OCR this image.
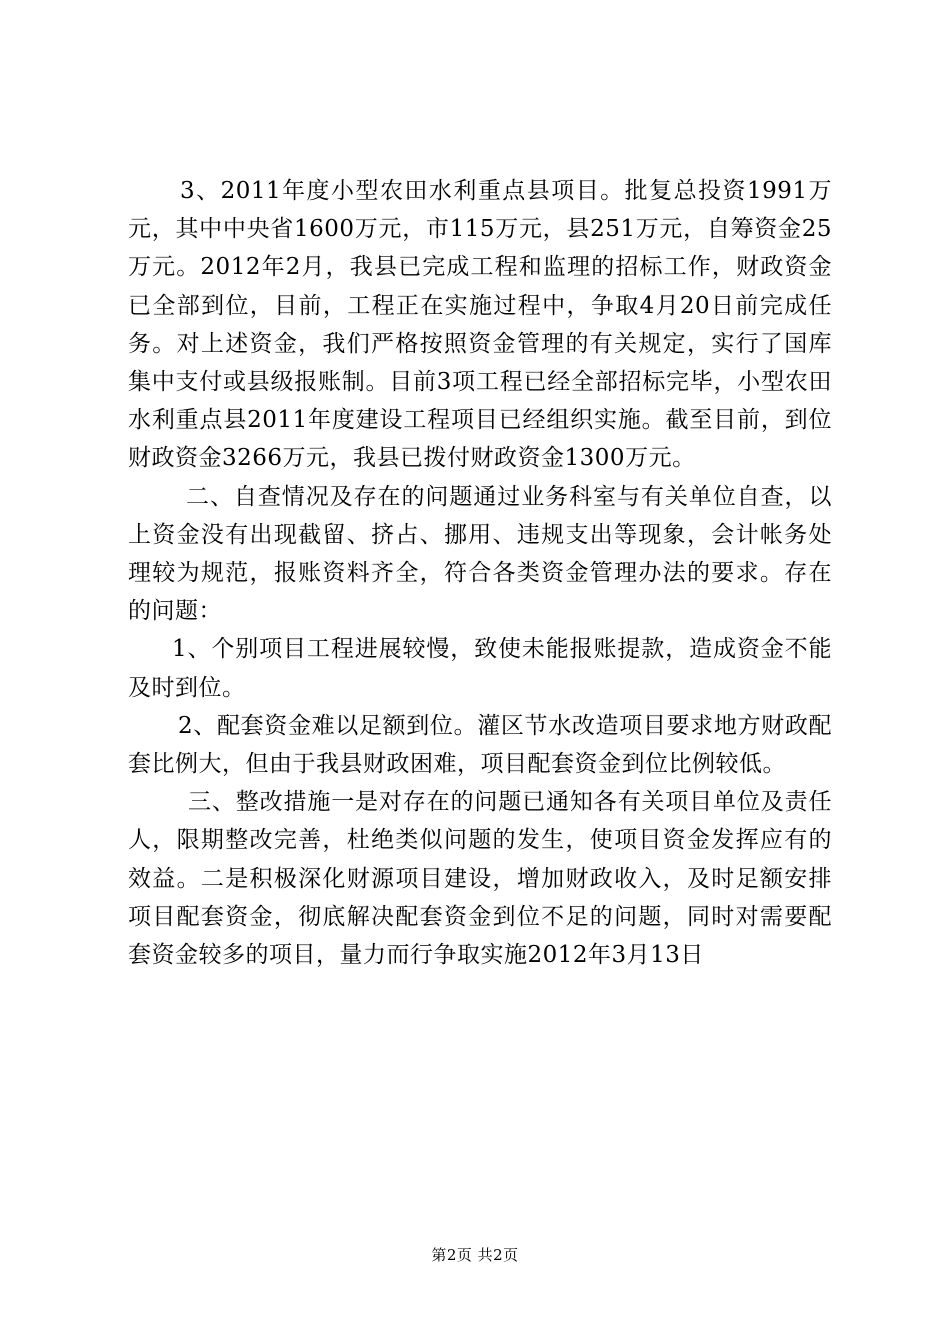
3、2011年度小型农田水利重点县项目。批复总投资1991万元，其中中央省1600万元，市115万元，县251万元，自筹资金25万元。2012年2月，我县已完成工程和监理的招标工作，财政资金已全部到位，目前，工程正在实施过程中，争取4月20日前完成任务。对上述资金，我们严格按照资金管理的有关规定，实行了国库集中支付或县级报账制。目前3项工程已经全部招标完毕，小型农田水利重点县2011年度建设工程项目已经组织实施。截至目前，到位财政资金3266万元，我县已拨付财政资金1300万元。

二、自查情况及存在的问题通过业务科室与有关单位自查，以上资金没有出现截留、挤占、挪用、违规支出等现象，会计帐务处理较为规范，报账资料齐全，符合各类资金管理办法的要求。存在的问题：

1、个别项目工程进展较慢，致使未能报账提款，造成资金不能及时到位。

2、配套资金难以足额到位。灌区节水改造项目要求地方财政配套比例大，但由于我县财政困难，项目配套资金到位比例较低。

三、整改措施一是对存在的问题已通知各有关项目单位及责任人，限期整改完善，杜绝类似问题的发生，使项目资金发挥应有的效益。二是积极深化财源项目建设，增加财政收入，及时足额安排项目配套资金，彻底解决配套资金到位不足的问题，同时对需要配套资金较多的项目，量力而行争取实施2012年3月13日

第2页 共2页
